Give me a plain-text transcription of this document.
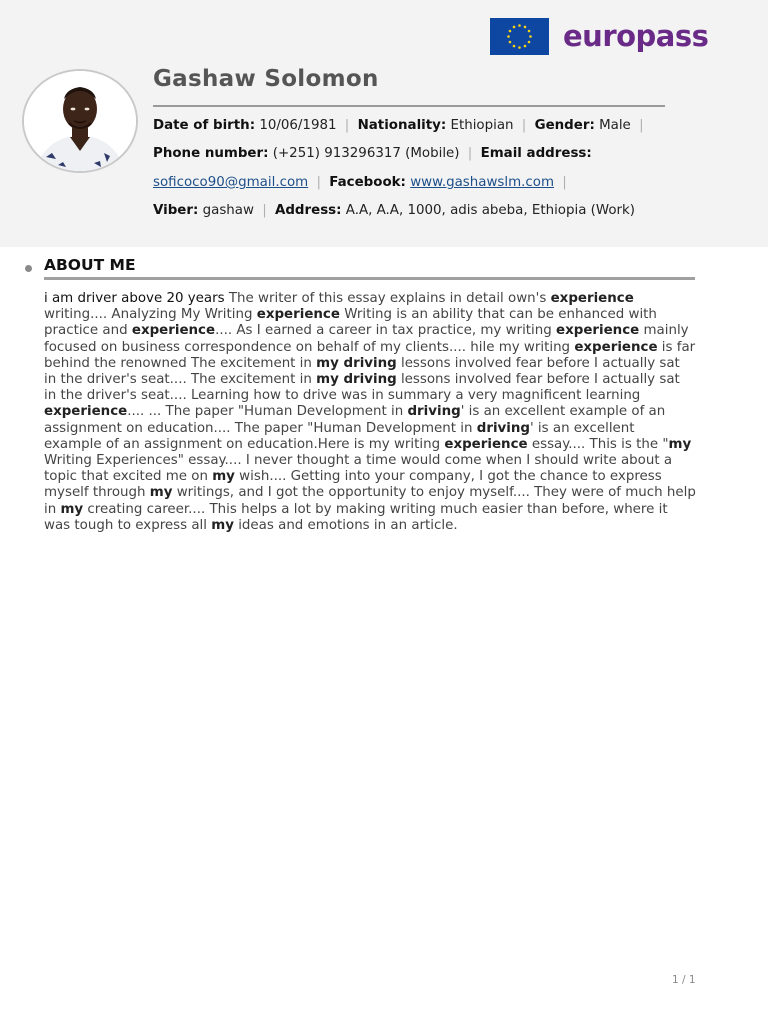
europass
Gashaw Solomon
Date of birth: 10/06/1981 | Nationality: Ethiopian | Gender: Male |
Phone number: (+251) 913296317 (Mobile) | Email address:
soficoco90@gmail.com | Facebook: www.gashawslm.com |
Viber: gashaw | Address: A.A, A.A, 1000, adis abeba, Ethiopia (Work)
ABOUT ME
i am driver above 20 years The writer of this essay explains in detail own's experience writing.... Analyzing My Writing experience Writing is an ability that can be enhanced with practice and experience.... As I earned a career in tax practice, my writing experience mainly focused on business correspondence on behalf of my clients.... hile my writing experience is far behind the renowned The excitement in my driving lessons involved fear before I actually sat in the driver's seat.... The excitement in my driving lessons involved fear before I actually sat in the driver's seat.... Learning how to drive was in summary a very magnificent learning experience.... ... The paper "Human Development in driving' is an excellent example of an assignment on education.... The paper "Human Development in driving' is an excellent example of an assignment on education.Here is my writing experience essay.... This is the "my Writing Experiences" essay.... I never thought a time would come when I should write about a topic that excited me on my wish.... Getting into your company, I got the chance to express myself through my writings, and I got the opportunity to enjoy myself.... They were of much help in my creating career.... This helps a lot by making writing much easier than before, where it was tough to express all my ideas and emotions in an article.
1 / 1
